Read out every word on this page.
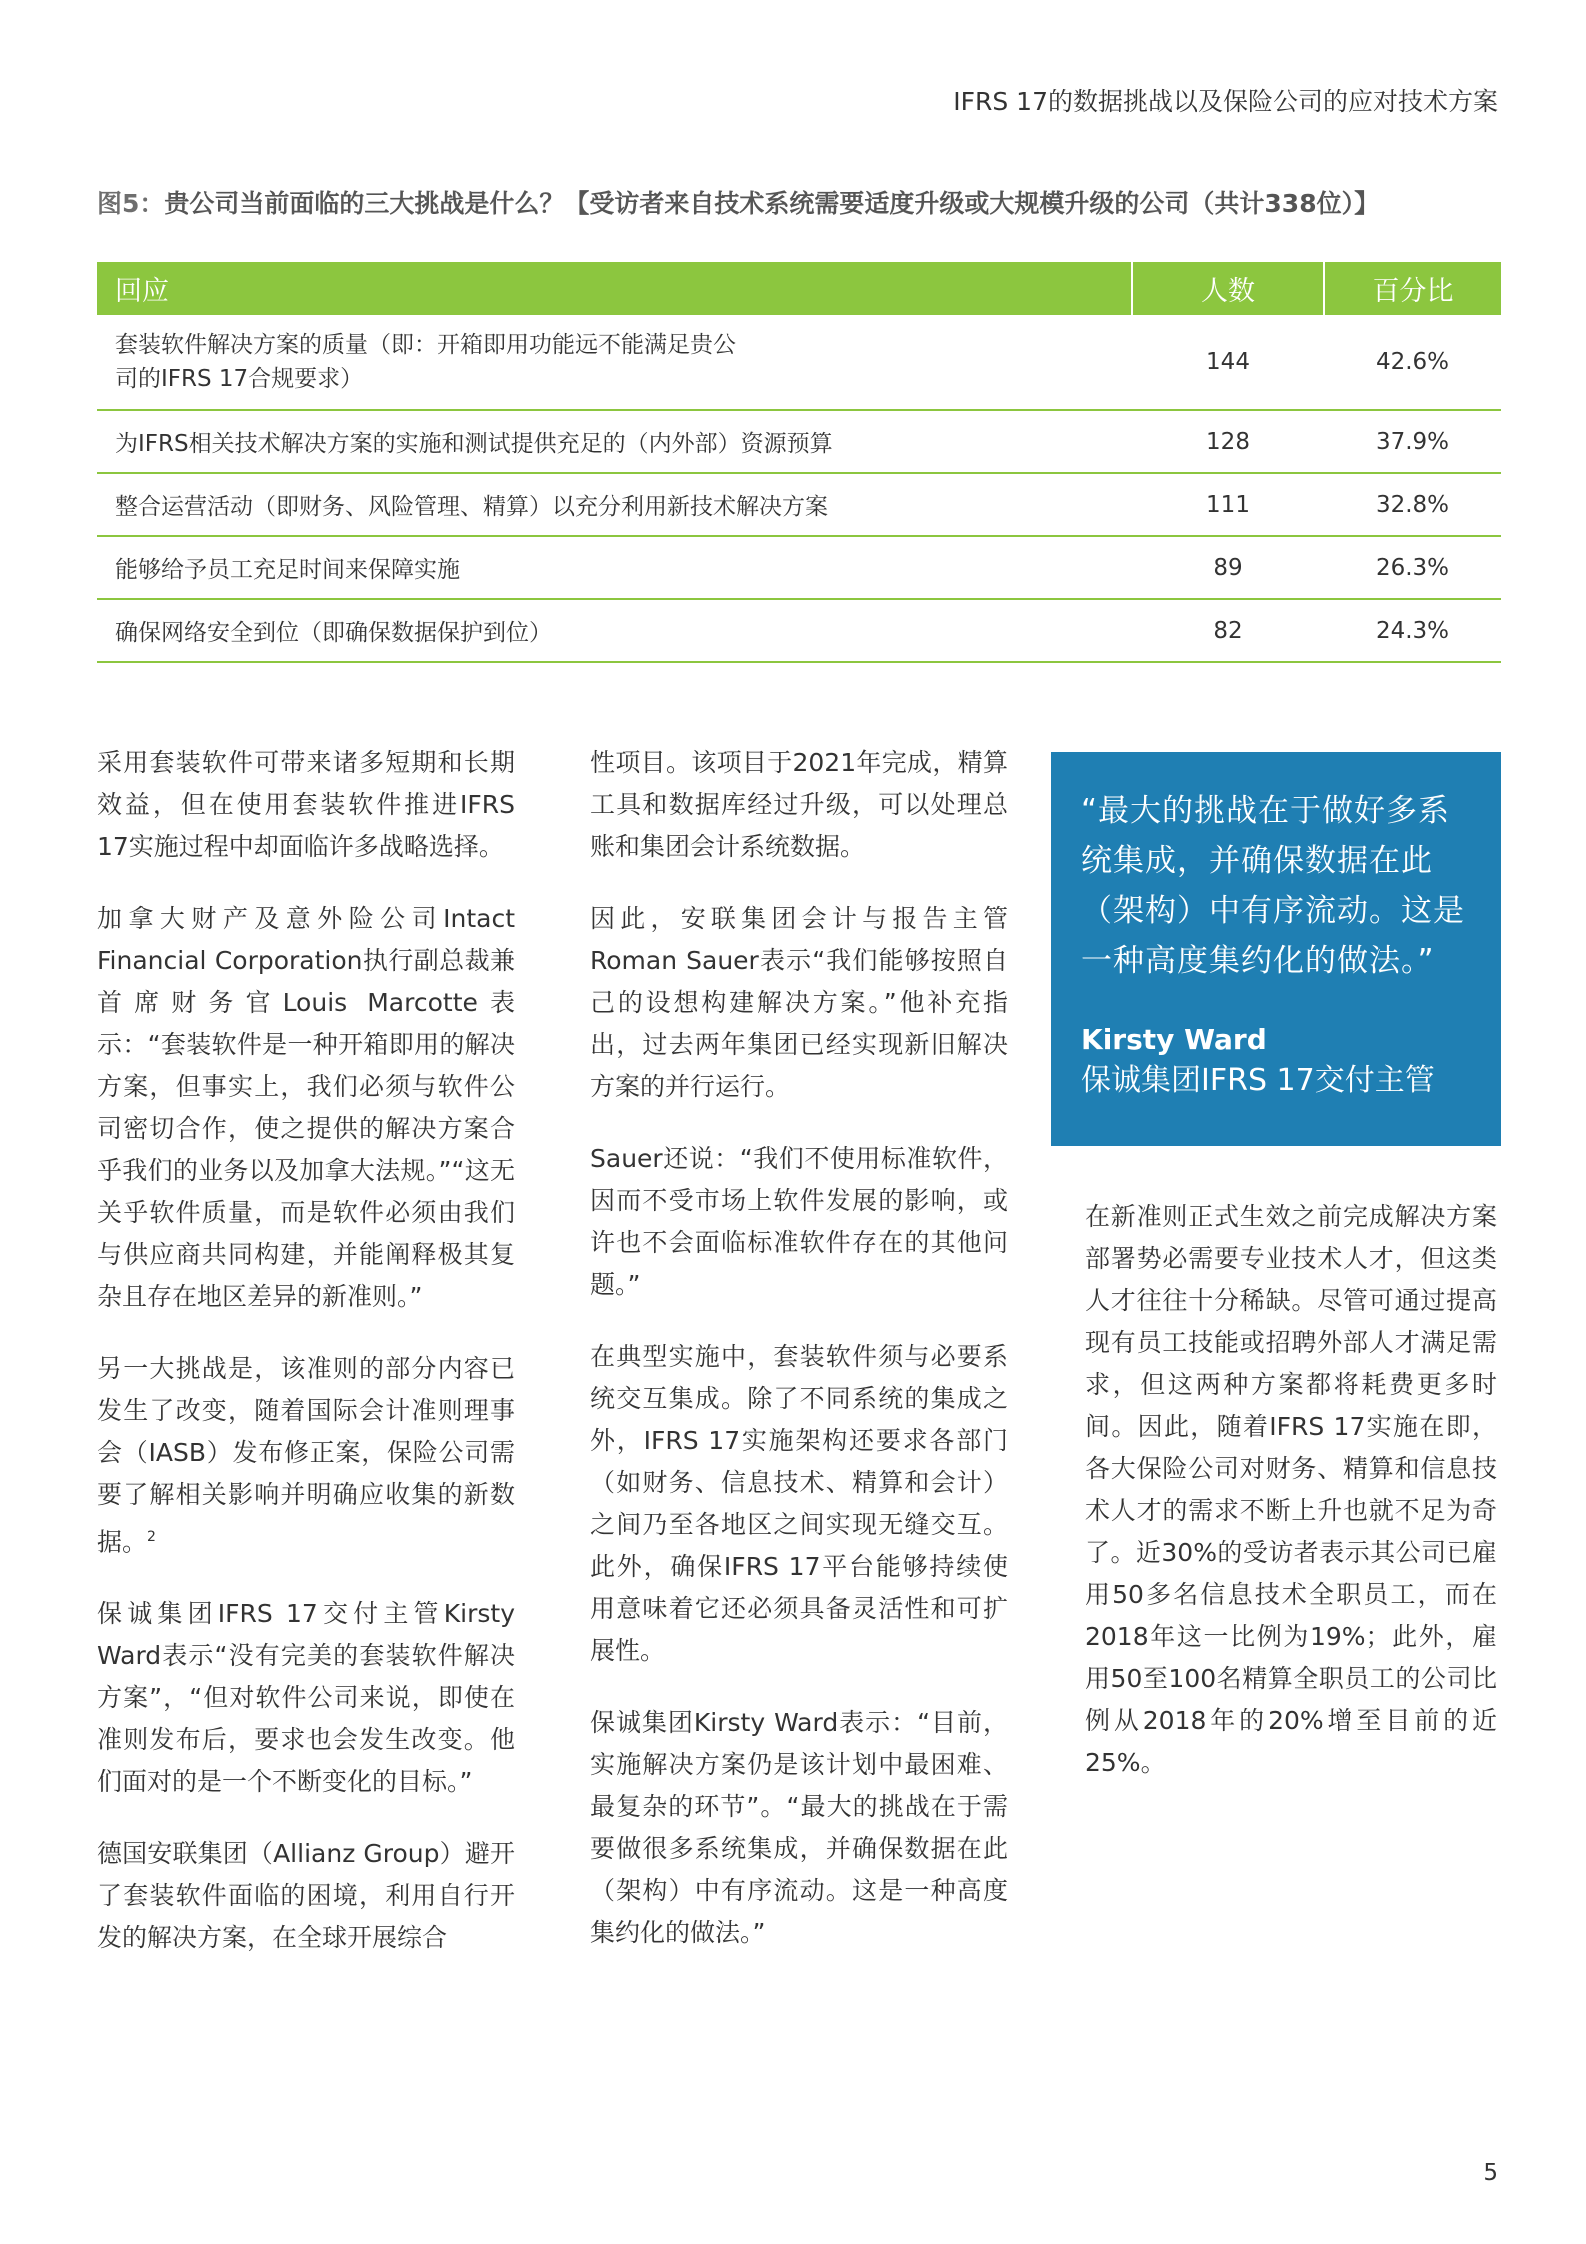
IFRS 17的数据挑战以及保险公司的应对技术方案
图5：贵公司当前面临的三大挑战是什么？【受访者来自技术系统需要适度升级或大规模升级的公司（共计338位）】
回应	人数	百分比
套装软件解决方案的质量（即：开箱即用功能远不能满足贵公司的IFRS 17合规要求）	144	42.6%
为IFRS相关技术解决方案的实施和测试提供充足的（内外部）资源预算	128	37.9%
整合运营活动（即财务、风险管理、精算）以充分利用新技术解决方案	111	32.8%
能够给予员工充足时间来保障实施	89	26.3%
确保网络安全到位（即确保数据保护到位）	82	24.3%

采用套装软件可带来诸多短期和长期效益，但在使用套装软件推进IFRS 17实施过程中却面临许多战略选择。

加拿大财产及意外险公司Intact Financial Corporation执行副总裁兼首席财务官Louis Marcotte表示：“套装软件是一种开箱即用的解决方案，但事实上，我们必须与软件公司密切合作，使之提供的解决方案合乎我们的业务以及加拿大法规。”“这无关乎软件质量，而是软件必须由我们与供应商共同构建，并能阐释极其复杂且存在地区差异的新准则。”

另一大挑战是，该准则的部分内容已发生了改变，随着国际会计准则理事会（IASB）发布修正案，保险公司需要了解相关影响并明确应收集的新数据。$^2$

保诚集团IFRS 17交付主管Kirsty Ward表示“没有完美的套装软件解决方案”，“但对软件公司来说，即使在准则发布后，要求也会发生改变。他们面对的是一个不断变化的目标。”

德国安联集团（Allianz Group）避开了套装软件面临的困境，利用自行开发的解决方案，在全球开展综合

性项目。该项目于2021年完成，精算工具和数据库经过升级，可以处理总账和集团会计系统数据。

因此，安联集团会计与报告主管Roman Sauer表示“我们能够按照自己的设想构建解决方案。”他补充指出，过去两年集团已经实现新旧解决方案的并行运行。

Sauer还说：“我们不使用标准软件，因而不受市场上软件发展的影响，或许也不会面临标准软件存在的其他问题。”

在典型实施中，套装软件须与必要系统交互集成。除了不同系统的集成之外，IFRS 17实施架构还要求各部门（如财务、信息技术、精算和会计）之间乃至各地区之间实现无缝交互。此外，确保IFRS 17平台能够持续使用意味着它还必须具备灵活性和可扩展性。

保诚集团Kirsty Ward表示：“目前，实施解决方案仍是该计划中最困难、最复杂的环节”。“最大的挑战在于需要做很多系统集成，并确保数据在此（架构）中有序流动。这是一种高度集约化的做法。”

“最大的挑战在于做好多系统集成，并确保数据在此（架构）中有序流动。这是一种高度集约化的做法。”

Kirsty Ward
保诚集团IFRS 17交付主管

在新准则正式生效之前完成解决方案部署势必需要专业技术人才，但这类人才往往十分稀缺。尽管可通过提高现有员工技能或招聘外部人才满足需求，但这两种方案都将耗费更多时间。因此，随着IFRS 17实施在即，各大保险公司对财务、精算和信息技术人才的需求不断上升也就不足为奇了。近30%的受访者表示其公司已雇用50多名信息技术全职员工，而在2018年这一比例为19%；此外，雇用50至100名精算全职员工的公司比例从2018年的20%增至目前的近25%。

5
